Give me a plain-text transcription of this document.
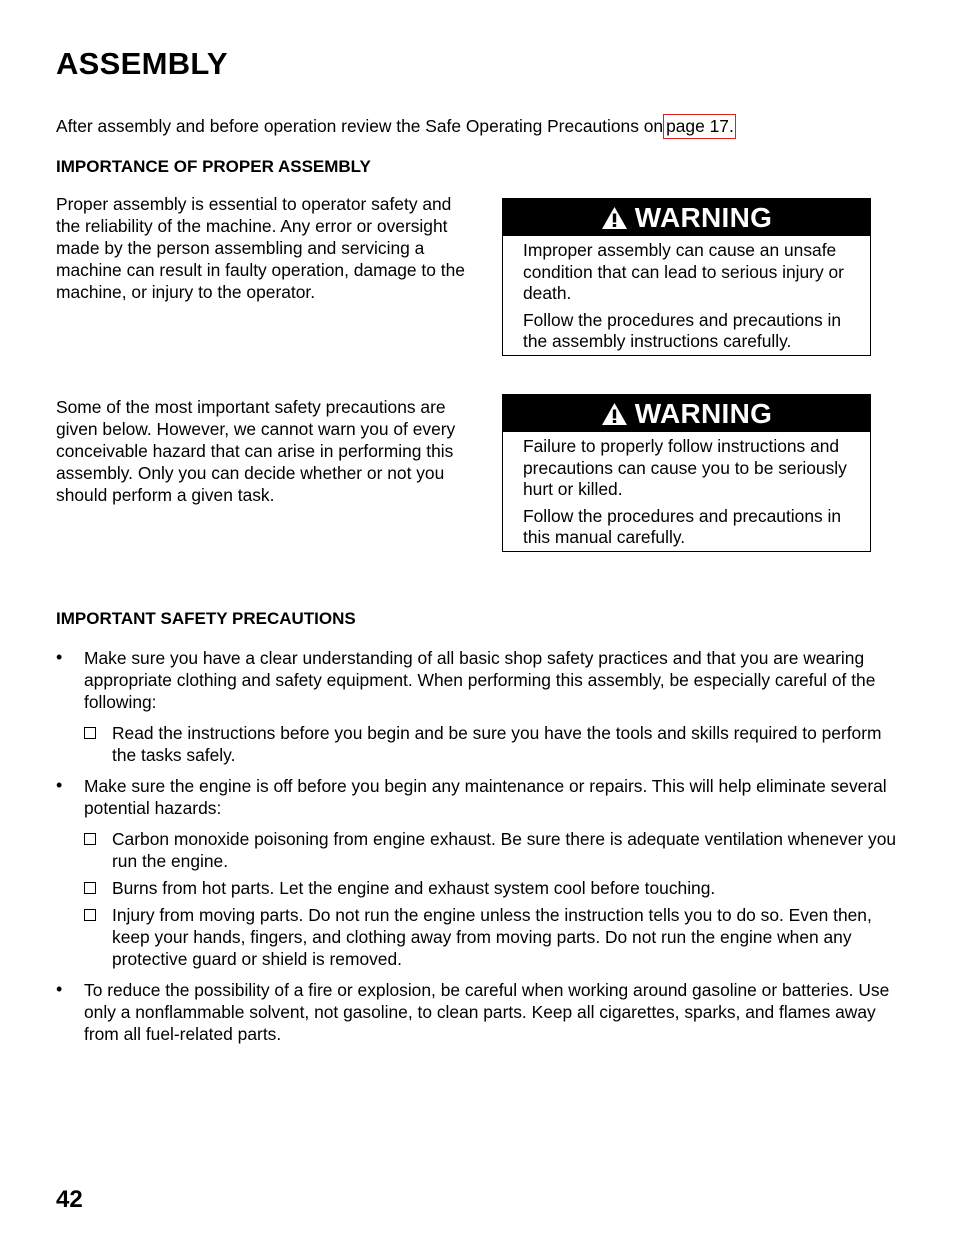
ASSEMBLY
After assembly and before operation review the Safe Operating Precautions on page 17.
IMPORTANCE OF PROPER ASSEMBLY

Proper assembly is essential to operator safety and the reliability of the machine. Any error or oversight made by the person assembling and servicing a machine can result in faulty operation, damage to the machine, or injury to the operator.

WARNING

Improper assembly can cause an unsafe condition that can lead to serious injury or death.

Follow the procedures and precautions in the assembly instructions carefully.

Some of the most important safety precautions are given below. However, we cannot warn you of every conceivable hazard that can arise in performing this assembly. Only you can decide whether or not you should perform a given task.

WARNING

Failure to properly follow instructions and precautions can cause you to be seriously hurt or killed.

Follow the procedures and precautions in this manual carefully.

IMPORTANT SAFETY PRECAUTIONS
• Make sure you have a clear understanding of all basic shop safety practices and that you are wearing appropriate clothing and safety equipment. When performing this assembly, be especially careful of the following:
Read the instructions before you begin and be sure you have the tools and skills required to perform the tasks safely.
• Make sure the engine is off before you begin any maintenance or repairs. This will help eliminate several potential hazards:
Carbon monoxide poisoning from engine exhaust. Be sure there is adequate ventilation whenever you run the engine.
Burns from hot parts. Let the engine and exhaust system cool before touching.
Injury from moving parts. Do not run the engine unless the instruction tells you to do so. Even then, keep your hands, fingers, and clothing away from moving parts. Do not run the engine when any protective guard or shield is removed.
• To reduce the possibility of a fire or explosion, be careful when working around gasoline or batteries. Use only a nonflammable solvent, not gasoline, to clean parts. Keep all cigarettes, sparks, and flames away from all fuel-related parts.
42
